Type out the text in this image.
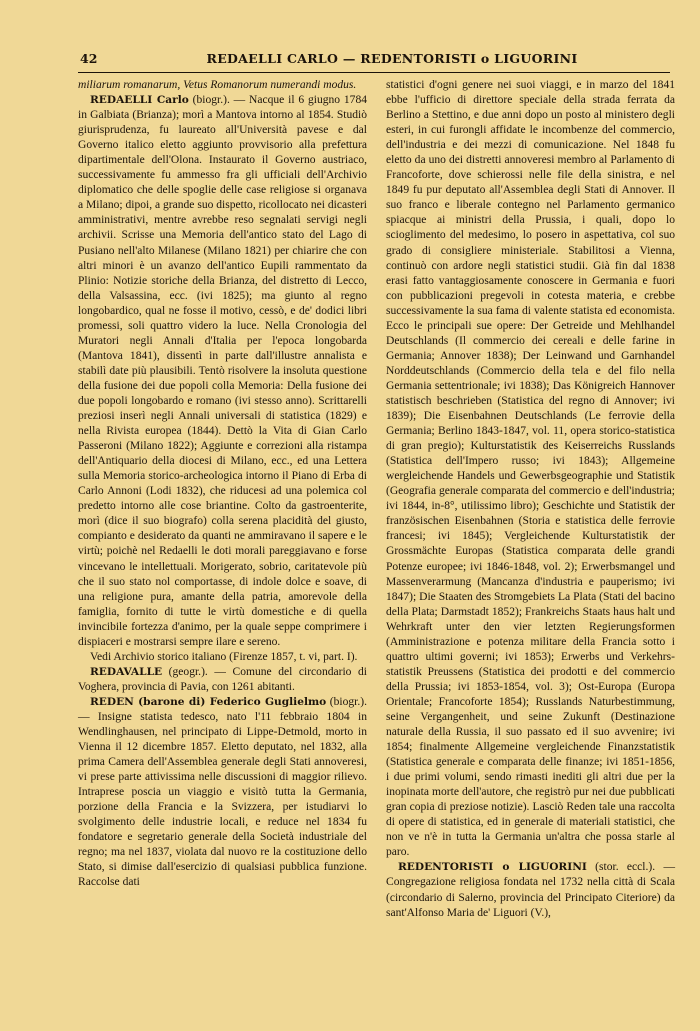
42	REDAELLI CARLO — REDENTORISTI o LIGUORINI

miliarum romanarum, Vetus Romanorum numerandi modus.

REDAELLI Carlo (biogr.). — Nacque il 6 giugno 1784 in Galbiata (Brianza); morì a Mantova intorno al 1854. Studiò giurisprudenza, fu laureato all'Università pavese e dal Governo italico eletto aggiunto provvisorio alla prefettura dipartimentale dell'Olona. Instaurato il Governo austriaco, successivamente fu ammesso fra gli ufficiali dell'Archivio diplomatico che delle spoglie delle case religiose si organava a Milano; dipoi, a grande suo dispetto, ricollocato nei dicasteri amministrativi, mentre avrebbe reso segnalati servigi negli archivii. Scrisse una Memoria dell'antico stato del Lago di Pusiano nell'alto Milanese (Milano 1821) per chiarire che con altri minori è un avanzo dell'antico Eupili rammentato da Plinio: Notizie storiche della Brianza, del distretto di Lecco, della Valsassina, ecc. (ivi 1825); ma giunto al regno longobardico, qual ne fosse il motivo, cessò, e de' dodici libri promessi, soli quattro videro la luce. Nella Cronologia del Muratori negli Annali d'Italia per l'epoca longobarda (Mantova 1841), dissentì in parte dall'illustre annalista e stabilì date più plausibili. Tentò risolvere la insoluta questione della fusione dei due popoli colla Memoria: Della fusione dei due popoli longobardo e romano (ivi stesso anno). Scrittarelli preziosi inserì negli Annali universali di statistica (1829) e nella Rivista europea (1844). Dettò la Vita di Gian Carlo Passeroni (Milano 1822); Aggiunte e correzioni alla ristampa dell'Antiquario della diocesi di Milano, ecc., ed una Lettera sulla Memoria storico-archeologica intorno il Piano di Erba di Carlo Annoni (Lodi 1832), che riducesi ad una polemica col predetto intorno alle cose briantine. Colto da gastroenterite, morì (dice il suo biografo) colla serena placidità del giusto, compianto e desiderato da quanti ne ammiravano il sapere e le virtù; poichè nel Redaelli le doti morali pareggiavano e forse vincevano le intellettuali. Morigerato, sobrio, caritatevole più che il suo stato nol comportasse, di indole dolce e soave, di una religione pura, amante della patria, amorevole della famiglia, fornito di tutte le virtù domestiche e di quella invincibile fortezza d'animo, per la quale seppe comprimere i dispiaceri e mostrarsi sempre ilare e sereno.

Vedi Archivio storico italiano (Firenze 1857, t. vi, part. I).

REDAVALLE (geogr.). — Comune del circondario di Voghera, provincia di Pavia, con 1261 abitanti.

REDEN (barone di) Federico Guglielmo (biogr.). — Insigne statista tedesco, nato l'11 febbraio 1804 in Wendlinghausen, nel principato di Lippe-Detmold, morto in Vienna il 12 dicembre 1857. Eletto deputato, nel 1832, alla prima Camera dell'Assemblea generale degli Stati annoveresi, vi prese parte attivissima nelle discussioni di maggior rilievo. Intraprese poscia un viaggio e visitò tutta la Germania, porzione della Francia e la Svizzera, per istudiarvi lo svolgimento delle industrie locali, e reduce nel 1834 fu fondatore e segretario generale della Società industriale del regno; ma nel 1837, violata dal nuovo re la costituzione dello Stato, si dimise dall'esercizio di qualsiasi pubblica funzione. Raccolse dati

statistici d'ogni genere nei suoi viaggi, e in marzo del 1841 ebbe l'ufficio di direttore speciale della strada ferrata da Berlino a Stettino, e due anni dopo un posto al ministero degli esteri, in cui furongli affidate le incombenze del commercio, dell'industria e dei mezzi di comunicazione. Nel 1848 fu eletto da uno dei distretti annoveresi membro al Parlamento di Francoforte, dove schierossi nelle file della sinistra, e nel 1849 fu pur deputato all'Assemblea degli Stati di Annover. Il suo franco e liberale contegno nel Parlamento germanico spiacque ai ministri della Prussia, i quali, dopo lo scioglimento del medesimo, lo posero in aspettativa, col suo grado di consigliere ministeriale. Stabilitosi a Vienna, continuò con ardore negli statistici studii. Già fin dal 1838 erasi fatto vantaggiosamente conoscere in Germania e fuori con pubblicazioni pregevoli in cotesta materia, e crebbe successivamente la sua fama di valente statista ed economista. Ecco le principali sue opere: Der Getreide und Mehlhandel Deutschlands (Il commercio dei cereali e delle farine in Germania; Annover 1838); Der Leinwand und Garnhandel Norddeutschlands (Commercio della tela e del filo nella Germania settentrionale; ivi 1838); Das Königreich Hannover statistisch beschrieben (Statistica del regno di Annover; ivi 1839); Die Eisenbahnen Deutschlands (Le ferrovie della Germania; Berlino 1843-1847, vol. 11, opera storico-statistica di gran pregio); Kulturstatistik des Keiserreichs Russlands (Statistica dell'Impero russo; ivi 1843); Allgemeine wergleichende Handels und Gewerbsgeographie und Statistik (Geografia generale comparata del commercio e dell'industria; ivi 1844, in-8°, utilissimo libro); Geschichte und Statistik der französischen Eisenbahnen (Storia e statistica delle ferrovie francesi; ivi 1845); Vergleichende Kulturstatistik der Grossmächte Europas (Statistica comparata delle grandi Potenze europee; ivi 1846-1848, vol. 2); Erwerbsmangel und Massenverarmung (Mancanza d'industria e pauperismo; ivi 1847); Die Staaten des Stromgebiets La Plata (Stati del bacino della Plata; Darmstadt 1852); Frankreichs Staats haus halt und Wehrkraft unter den vier letzten Regierungsformen (Amministrazione e potenza militare della Francia sotto i quattro ultimi governi; ivi 1853); Erwerbs und Verkehrs-statistik Preussens (Statistica dei prodotti e del commercio della Prussia; ivi 1853-1854, vol. 3); Ost-Europa (Europa Orientale; Francoforte 1854); Russlands Naturbestimmung, seine Vergangenheit, und seine Zukunft (Destinazione naturale della Russia, il suo passato ed il suo avvenire; ivi 1854; finalmente Allgemeine vergleichende Finanzstatistik (Statistica generale e comparata delle finanze; ivi 1851-1856, i due primi volumi, sendo rimasti inediti gli altri due per la inopinata morte dell'autore, che registrò pur nei due pubblicati gran copia di preziose notizie). Lasciò Reden tale una raccolta di opere di statistica, ed in generale di materiali statistici, che non ve n'è in tutta la Germania un'altra che possa starle al paro.

REDENTORISTI o LIGUORINI (stor. eccl.). — Congregazione religiosa fondata nel 1732 nella città di Scala (circondario di Salerno, provincia del Principato Citeriore) da sant'Alfonso Maria de' Liguori (V.),
